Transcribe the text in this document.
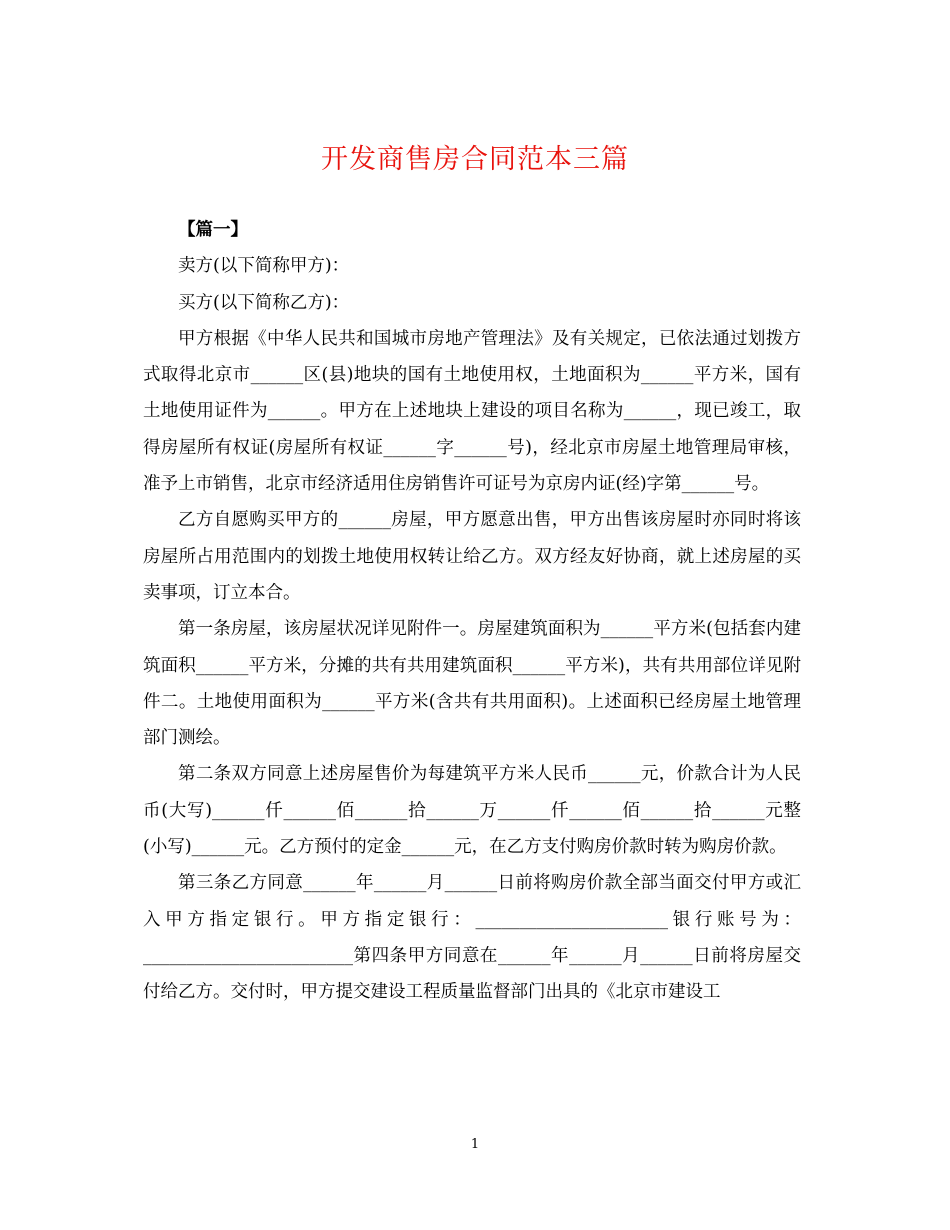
开发商售房合同范本三篇

【篇一】

卖方(以下简称甲方)：

买方(以下简称乙方)：

甲方根据《中华人民共和国城市房地产管理法》及有关规定，已依法通过划拨方式取得北京市______区(县)地块的国有土地使用权，土地面积为______平方米，国有土地使用证件为______。甲方在上述地块上建设的项目名称为______，现已竣工，取得房屋所有权证(房屋所有权证______字______号)，经北京市房屋土地管理局审核，准予上市销售，北京市经济适用住房销售许可证号为京房内证(经)字第______号。

乙方自愿购买甲方的______房屋，甲方愿意出售，甲方出售该房屋时亦同时将该房屋所占用范围内的划拨土地使用权转让给乙方。双方经友好协商，就上述房屋的买卖事项，订立本合。

第一条房屋，该房屋状况详见附件一。房屋建筑面积为______平方米(包括套内建筑面积______平方米，分摊的共有共用建筑面积______平方米)，共有共用部位详见附件二。土地使用面积为______平方米(含共有共用面积)。上述面积已经房屋土地管理部门测绘。

第二条双方同意上述房屋售价为每建筑平方米人民币______元，价款合计为人民币(大写)______仟______佰______拾______万______仟______佰______拾______元整(小写)______元。乙方预付的定金______元，在乙方支付购房价款时转为购房价款。

第三条乙方同意______年______月______日前将购房价款全部当面交付甲方或汇入甲方指定银行。甲方指定银行：______________________银行账号为：________________________第四条甲方同意在______年______月______日前将房屋交付给乙方。交付时，甲方提交建设工程质量监督部门出具的《北京市建设工

1
